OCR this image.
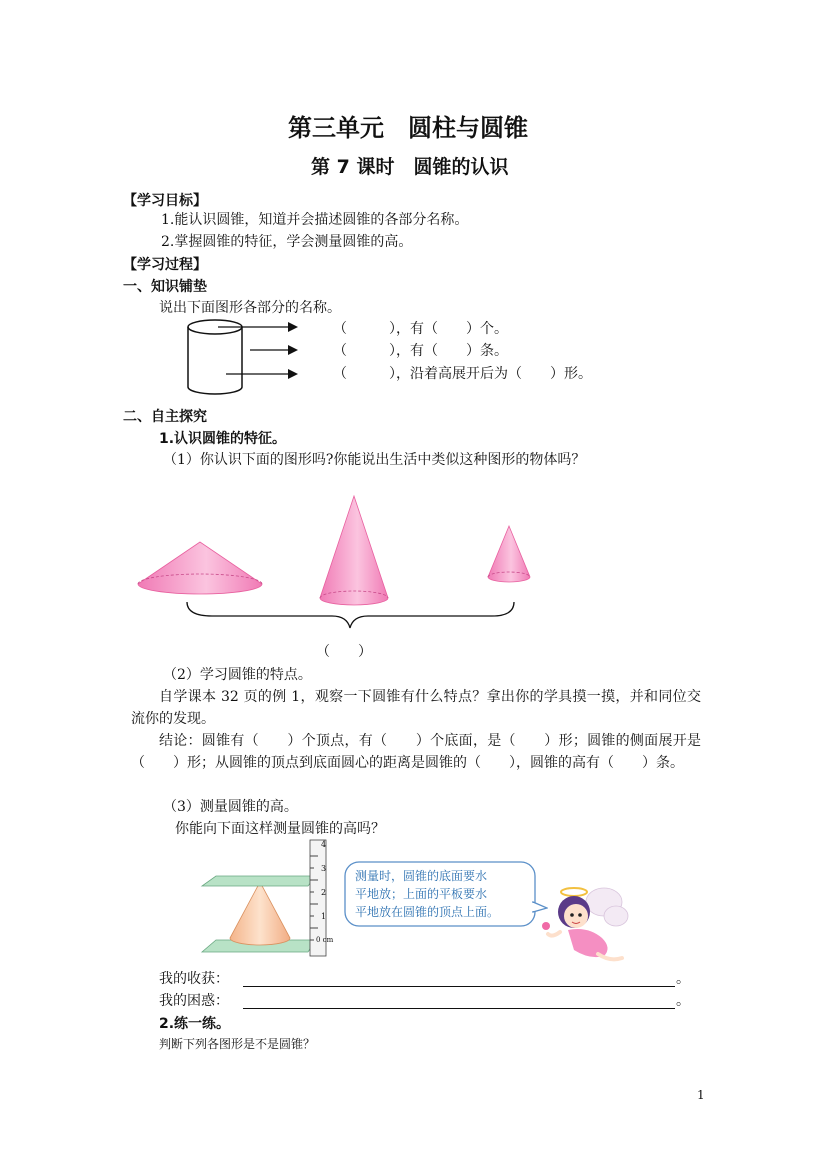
第三单元　圆柱与圆锥
第 7 课时　圆锥的认识
【学习目标】
1.能认识圆锥，知道并会描述圆锥的各部分名称。
2.掌握圆锥的特征，学会测量圆锥的高。
【学习过程】
一、知识铺垫
说出下面图形各部分的名称。
（　　　），有（　　）个。
（　　　），有（　　）条。
（　　　），沿着高展开后为（　　）形。
二、自主探究
1.认识圆锥的特征。
（1）你认识下面的图形吗?你能说出生活中类似这种图形的物体吗？
（　　）
（2）学习圆锥的特点。
自学课本 32 页的例 1，观察一下圆锥有什么特点？拿出你的学具摸一摸，并和同位交流你的发现。
结论：圆锥有（　　）个顶点，有（　　）个底面，是（　　）形；圆锥的侧面展开是（　　）形；从圆锥的顶点到底面圆心的距离是圆锥的（　　），圆锥的高有（　　）条。
（3）测量圆锥的高。
你能向下面这样测量圆锥的高吗？
4
3
2
1
0 cm
测量时，圆锥的底面要水
平地放；上面的平板要水
平地放在圆锥的顶点上面。
我的收获：	。
我的困惑：	。
2.练一练。
判断下列各图形是不是圆锥？
1
